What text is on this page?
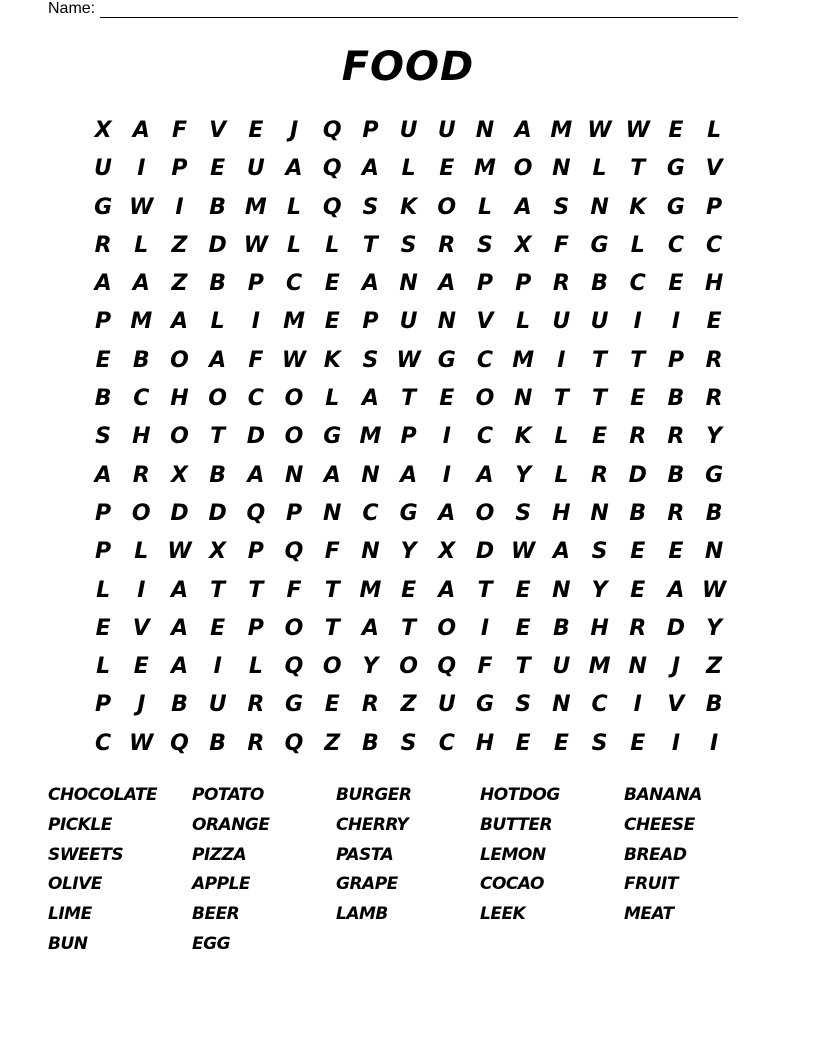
Name:
FOOD
X A	F	V	E	J	Q P U U N A M W W E	L
U	I	P	E U A Q A	L	E M O N L	T G V
G W I	B M L Q S K O L	A S N K G P
R	L	Z D W L	L	T	S R S X	F G	L	C	C
A A Z B P	C	E	A N A P	P R B C	E H
P M A	L	I	M E	P U N V	L	U U	I	I	E
E	B O A	F W K S W G C M	I	T	T	P R
B C H O C O L	A	T	E O N T	T	E	B R
S H O T D O G M P	I	C K	L	E	R R Y
A R X B A N A N A	I	A Y	L	R D B G
P O D D Q P N C G A O S H N B R B
P	L W X P Q F N Y X D W A S	E	E N
L	I	A	T	T	F	T M E	A	T	E N Y	E	A W
E	V A	E	P O T	A	T O	I	E	B H R D Y
L	E	A	I	L Q O Y O Q F	T U M N	J	Z
P	J	B U R G E	R Z U G S N C	I	V B
C W Q B R Q Z B S	C H E	E	S	E	I	I
CHOCOLATE	POTATO	BURGER	HOTDOG	BANANA
PICKLE	ORANGE	CHERRY	BUTTER	CHEESE
SWEETS	PIZZA	PASTA	LEMON	BREAD
OLIVE	APPLE	GRAPE	COCAO	FRUIT
LIME	BEER	LAMB	LEEK	MEAT
BUN	EGG
